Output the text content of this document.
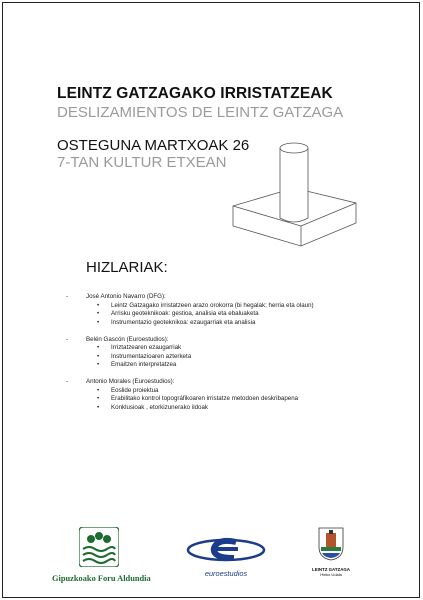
LEINTZ GATZAGAKO IRRISTATZEAK
DESLIZAMIENTOS DE LEINTZ GATZAGA
OSTEGUNA MARTXOAK 26
7-TAN KULTUR ETXEAN
HIZLARIAK:
-	José Antonio Navarro (DFG):
•	Leintz Gatzagako irristatzeen arazo orokorra (bi hegalak; herria eta olaun)
•	Arrisku geoteknikoak: gestioa, analisia eta ebaluaketa
•	Instrumentazio geoteknikoa: ezaugarriak eta analisia
-	Belén Gascón (Euroestudios):
•	Irriztatzearen ezaugarriak
•	Instrumentazioaren azterketa
•	Emaitzen interpretatzea
-	Antonio Morales (Euroestudios):
•	Eoslide proiektua
•	Erabilitako kontrol topográfikoaren irristatze metodoen deskribapena
•	Konklusioak , etorkizunerako ildoak
Gipuzkoako Foru Aldundia
euroestudios	LEINTZ GATZAGA
Hiriko Udala
